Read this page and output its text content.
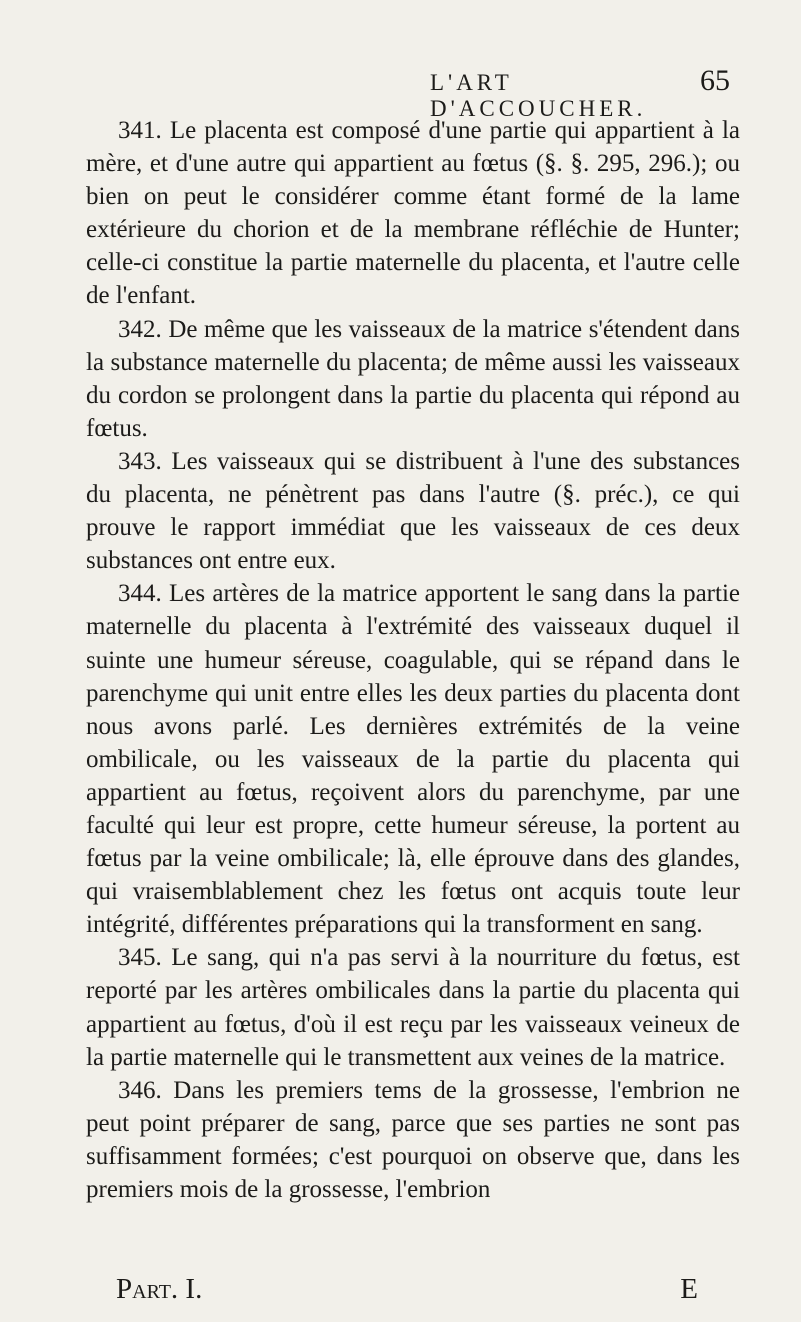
L'ART D'ACCOUCHER.
65

341. Le placenta est composé d'une partie qui appartient à la mère, et d'une autre qui appartient au fœtus (§. §. 295, 296.); ou bien on peut le considérer comme étant formé de la lame extérieure du chorion et de la membrane réfléchie de Hunter; celle-ci constitue la partie maternelle du placenta, et l'autre celle de l'enfant.

342. De même que les vaisseaux de la matrice s'étendent dans la substance maternelle du placenta; de même aussi les vaisseaux du cordon se prolongent dans la partie du placenta qui répond au fœtus.

343. Les vaisseaux qui se distribuent à l'une des substances du placenta, ne pénètrent pas dans l'autre (§. préc.), ce qui prouve le rapport immédiat que les vaisseaux de ces deux substances ont entre eux.

344. Les artères de la matrice apportent le sang dans la partie maternelle du placenta à l'extrémité des vaisseaux duquel il suinte une humeur séreuse, coagulable, qui se répand dans le parenchyme qui unit entre elles les deux parties du placenta dont nous avons parlé. Les dernières extrémités de la veine ombilicale, ou les vaisseaux de la partie du placenta qui appartient au fœtus, reçoivent alors du parenchyme, par une faculté qui leur est propre, cette humeur séreuse, la portent au fœtus par la veine ombilicale; là, elle éprouve dans des glandes, qui vraisemblablement chez les fœtus ont acquis toute leur intégrité, différentes préparations qui la transforment en sang.

345. Le sang, qui n'a pas servi à la nourriture du fœtus, est reporté par les artères ombilicales dans la partie du placenta qui appartient au fœtus, d'où il est reçu par les vaisseaux veineux de la partie maternelle qui le transmettent aux veines de la matrice.

346. Dans les premiers tems de la grossesse, l'embrion ne peut point préparer de sang, parce que ses parties ne sont pas suffisamment formées; c'est pourquoi on observe que, dans les premiers mois de la grossesse, l'embrion

Part. I.	E
